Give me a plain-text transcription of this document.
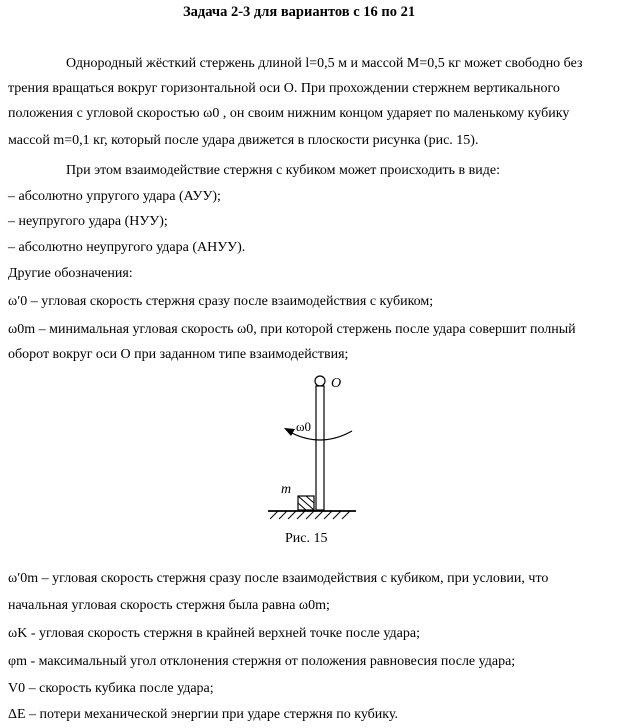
Задача 2-3 для вариантов с 16 по 21
Однородный жёсткий стержень длиной l=0,5 м и массой M=0,5 кг может свободно без
трения вращаться вокруг горизонтальной оси О. При прохождении стержнем вертикального
положения с угловой скоростью ω0 , он своим нижним концом ударяет по маленькому кубику
массой m=0,1 кг, который после удара движется в плоскости рисунка (рис. 15).
При этом взаимодействие стержня с кубиком может происходить в виде:
– абсолютно упругого удара (АУУ);
– неупругого удара (НУУ);
– абсолютно неупругого удара (АНУУ).
Другие обозначения:
ω′0 – угловая скорость стержня сразу после взаимодействия с кубиком;
ω0m – минимальная угловая скорость ω0, при которой стержень после удара совершит полный
оборот вокруг оси О при заданном типе взаимодействия;
O
ω0
m
Рис. 15
ω′0m – угловая скорость стержня сразу после взаимодействия с кубиком, при условии, что
начальная угловая скорость стержня была равна ω0m;
ωK - угловая скорость стержня в крайней верхней точке после удара;
φm - максимальный угол отклонения стержня от положения равновесия после удара;
V0 – скорость кубика после удара;
ΔE – потери механической энергии при ударе стержня по кубику.
